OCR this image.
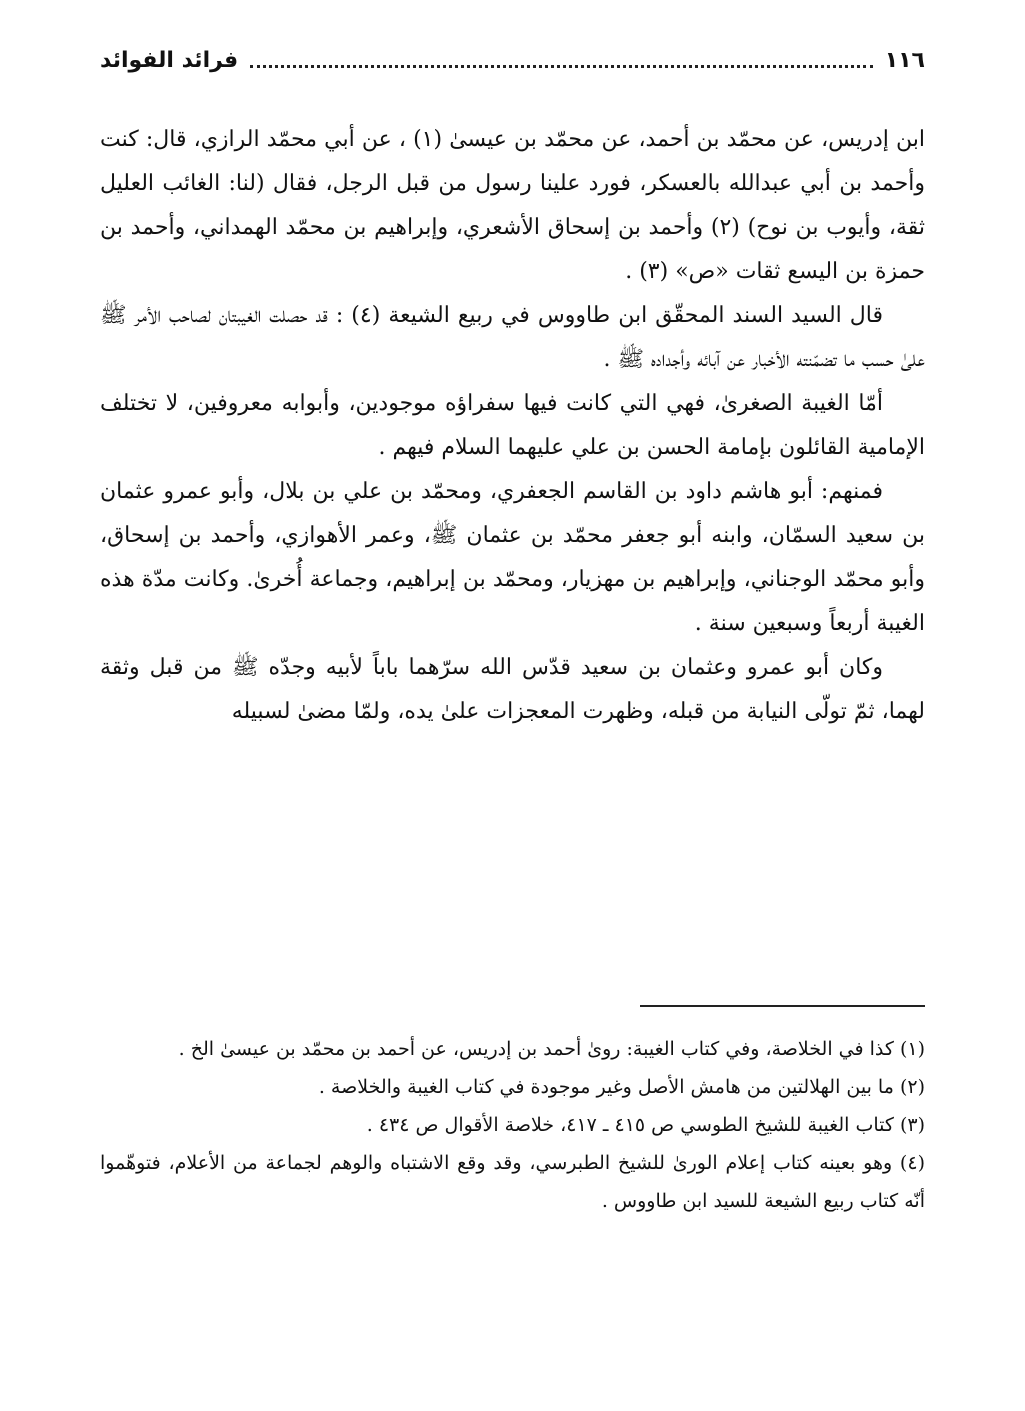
١١٦
فرائد الفوائد

ابن إدريس، عن محمّد بن أحمد، عن محمّد بن عيسىٰ (١) ، عن أبي محمّد الرازي، قال: كنت وأحمد بن أبي عبدالله بالعسكر، فورد علينا رسول من قبل الرجل، فقال (لنا: الغائب العليل ثقة، وأيوب بن نوح) (٢) وأحمد بن إسحاق الأشعري، وإبراهيم بن محمّد الهمداني، وأحمد بن حمزة بن اليسع ثقات «ص» (٣) .

قال السيد السند المحقّق ابن طاووس في ربيع الشيعة (٤) : قد حصلت الغيبتان لصاحب الأمر ﷺ علىٰ حسب ما تضمّنته الأخبار عن آبائه وأجداده ﷺ .

أمّا الغيبة الصغرىٰ، فهي التي كانت فيها سفراؤه موجودين، وأبوابه معروفين، لا تختلف الإمامية القائلون بإمامة الحسن بن علي عليهما السلام فيهم .

فمنهم: أبو هاشم داود بن القاسم الجعفري، ومحمّد بن علي بن بلال، وأبو عمرو عثمان بن سعيد السمّان، وابنه أبو جعفر محمّد بن عثمان ﷺ، وعمر الأهوازي، وأحمد بن إسحاق، وأبو محمّد الوجناني، وإبراهيم بن مهزيار، ومحمّد بن إبراهيم، وجماعة أُخرىٰ. وكانت مدّة هذه الغيبة أربعاً وسبعين سنة .

وكان أبو عمرو وعثمان بن سعيد قدّس الله سرّهما باباً لأبيه وجدّه ﷺ من قبل وثقة لهما، ثمّ تولّى النيابة من قبله، وظهرت المعجزات علىٰ يده، ولمّا مضىٰ لسبيله

(١) كذا في الخلاصة، وفي كتاب الغيبة: روىٰ أحمد بن إدريس، عن أحمد بن محمّد بن عيسىٰ الخ .

(٢) ما بين الهلالتين من هامش الأصل وغير موجودة في كتاب الغيبة والخلاصة .

(٣) كتاب الغيبة للشيخ الطوسي ص ٤١٥ ـ ٤١٧، خلاصة الأقوال ص ٤٣٤ .

(٤) وهو بعينه كتاب إعلام الورىٰ للشيخ الطبرسي، وقد وقع الاشتباه والوهم لجماعة من الأعلام، فتوهّموا أنّه كتاب ربيع الشيعة للسيد ابن طاووس .
